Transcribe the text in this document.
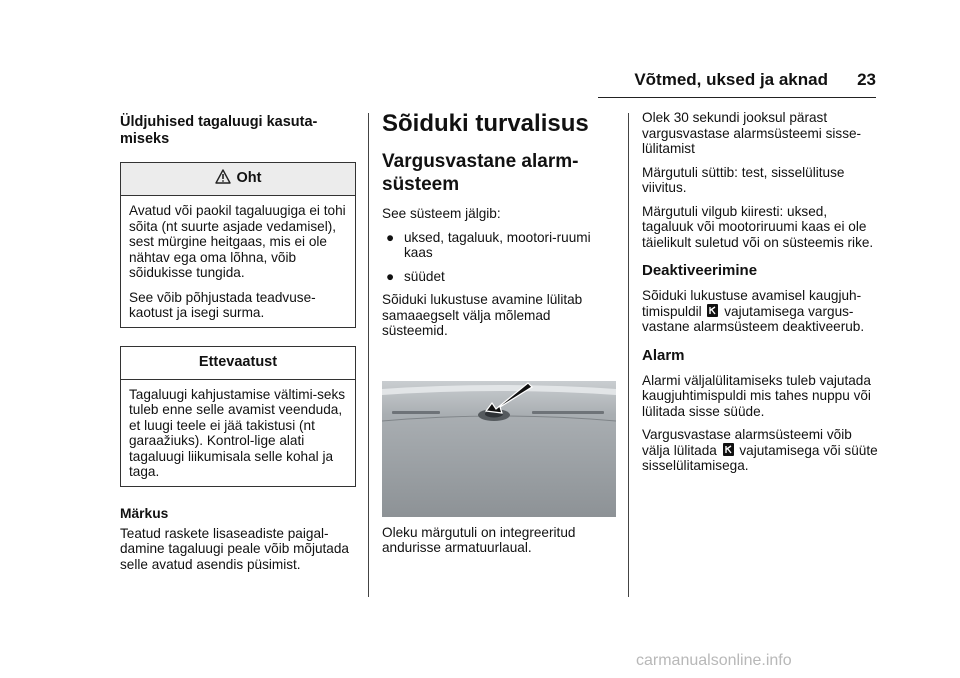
Võtmed, uksed ja aknad	23
Üldjuhised tagaluugi kasuta-miseks
Oht

Avatud või paokil tagaluugiga ei tohi sõita (nt suurte asjade vedamisel), sest mürgine heitgaas, mis ei ole nähtav ega oma lõhna, võib sõidukisse tungida.

See võib põhjustada teadvuse-kaotust ja isegi surma.

Ettevaatust

Tagaluugi kahjustamise vältimi-seks tuleb enne selle avamist veenduda, et luugi teele ei jää takistusi (nt garaažiuks). Kontrol-lige alati tagaluugi liikumisala selle kohal ja taga.

Märkus

Teatud raskete lisaseadiste paigal-damine tagaluugi peale võib mõjutada selle avatud asendis püsimist.

Sõiduki turvalisus
Vargusvastane alarm-süsteem

See süsteem jälgib:

● uksed, tagaluuk, mootori-ruumi kaas
● süüdet

Sõiduki lukustuse avamine lülitab samaaegselt välja mõlemad süsteemid.

Oleku märgutuli on integreeritud andurisse armatuurlaual.

Olek 30 sekundi jooksul pärast vargusvastase alarmsüsteemi sisse-lülitamist

Märgutuli süttib: test, sisselülituse viivitus.

Märgutuli vilgub kiiresti: uksed, tagaluuk või mootoriruumi kaas ei ole täielikult suletud või on süsteemis rike.

Deaktiveerimine

Sõiduki lukustuse avamisel kaugjuh-timispuldil vajutamisega vargus-vastane alarmsüsteem deaktiveerub.

Alarm

Alarmi väljalülitamiseks tuleb vajutada kaugjuhtimispuldi mis tahes nuppu või lülitada sisse süüde.

Vargusvastase alarmsüsteemi võib välja lülitada vajutamisega või süüte sisselülitamisega.

carmanualsonline.info
